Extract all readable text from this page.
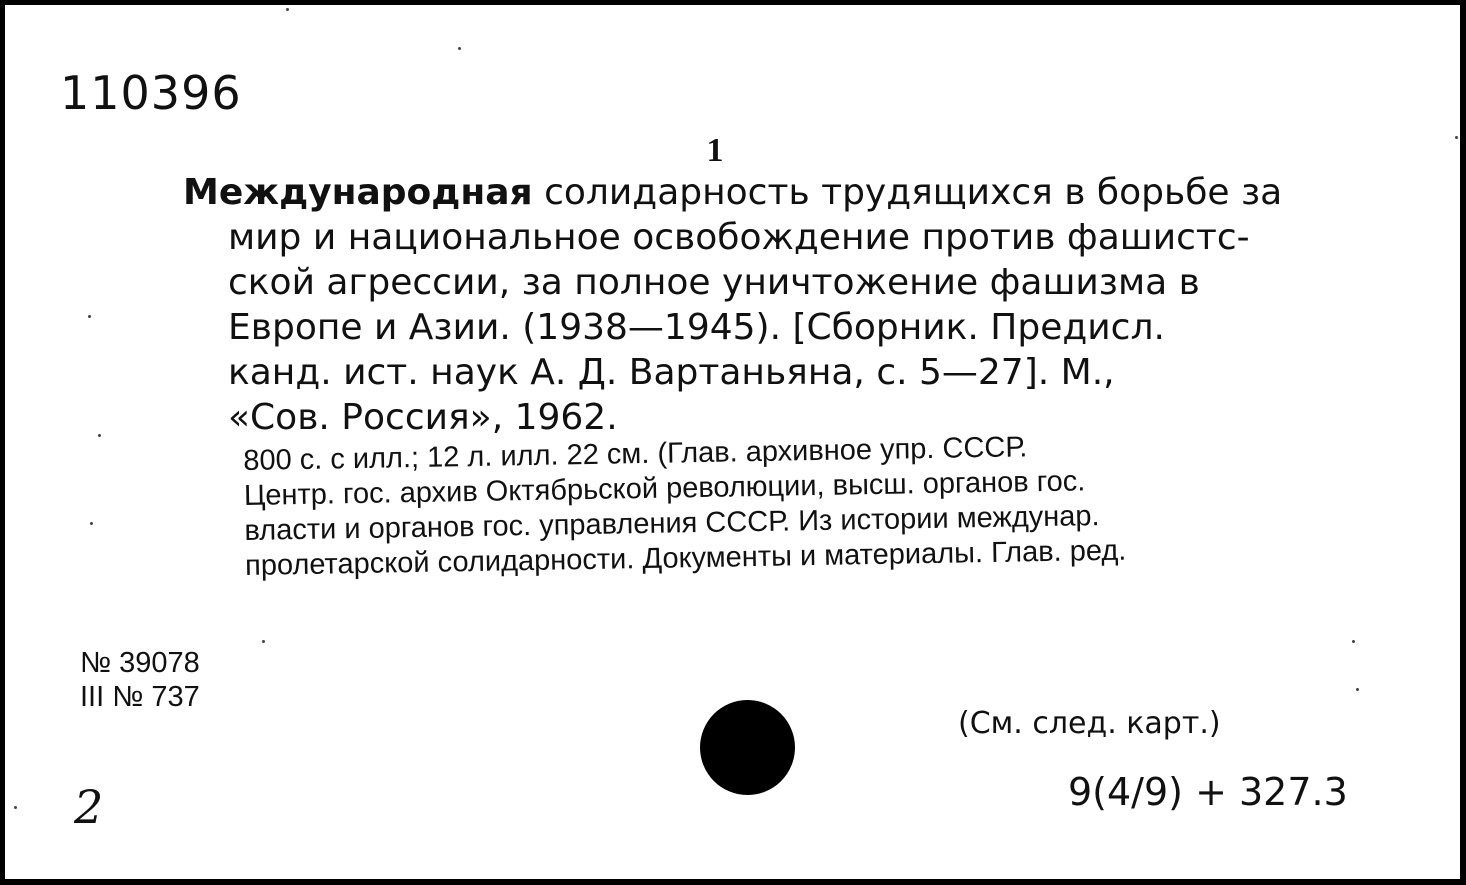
110396
1
Международная солидарность трудящихся в борьбе за
мир и национальное освобождение против фашистс-
ской агрессии, за полное уничтожение фашизма в
Европе и Азии. (1938—1945). [Сборник. Предисл.
канд. ист. наук А. Д. Вартаньяна, с. 5—27]. М.,
«Сов. Россия», 1962.
800 с. с илл.; 12 л. илл. 22 см. (Глав. архивное упр. СССР.
Центр. гос. архив Октябрьской революции, высш. органов гос.
власти и органов гос. управления СССР. Из истории междунар.
пролетарской солидарности. Документы и материалы. Глав. ред.
№ 39078
III № 737
(См. след. карт.)
9(4/9) + 327.3
2
